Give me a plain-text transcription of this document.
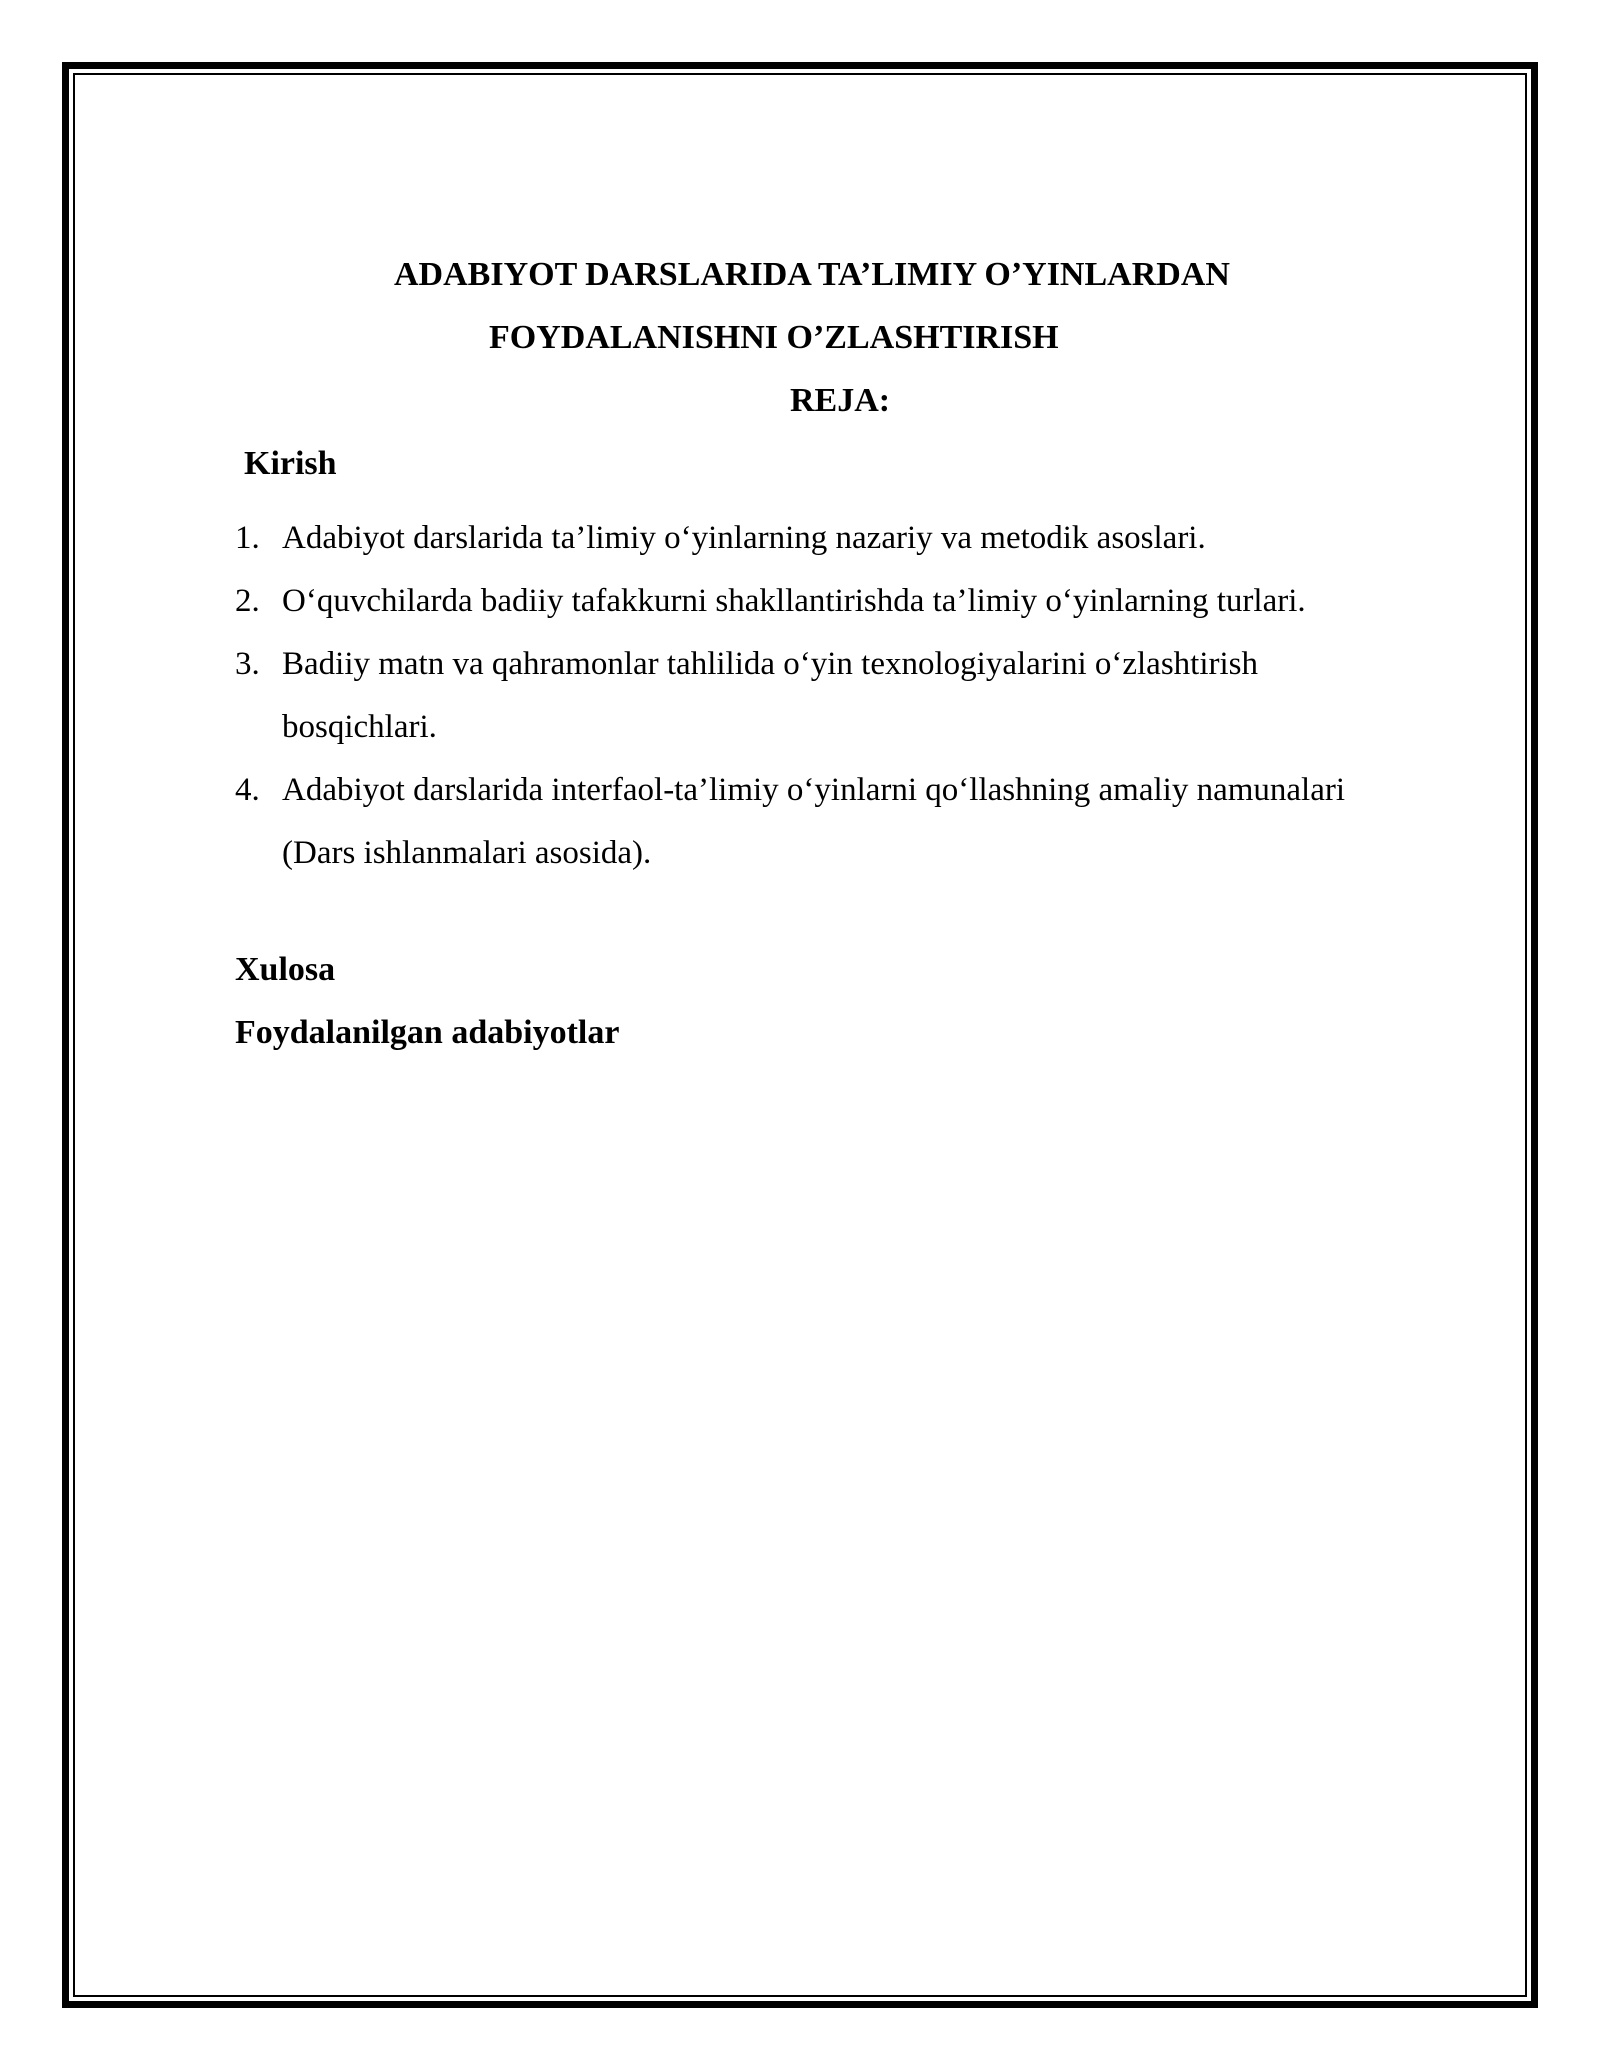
ADABIYOT DARSLARIDA TA’LIMIY O’YINLARDAN
FOYDALANISHNI O’ZLASHTIRISH
REJA:

Kirish

1. Adabiyot darslarida ta’limiy o‘yinlarning nazariy va metodik asoslari.
2. O‘quvchilarda badiiy tafakkurni shakllantirishda ta’limiy o‘yinlarning turlari.
3. Badiiy matn va qahramonlar tahlilida o‘yin texnologiyalarini o‘zlashtirish bosqichlari.
4. Adabiyot darslarida interfaol-ta’limiy o‘yinlarni qo‘llashning amaliy namunalari (Dars ishlanmalari asosida).

Xulosa

Foydalanilgan adabiyotlar
